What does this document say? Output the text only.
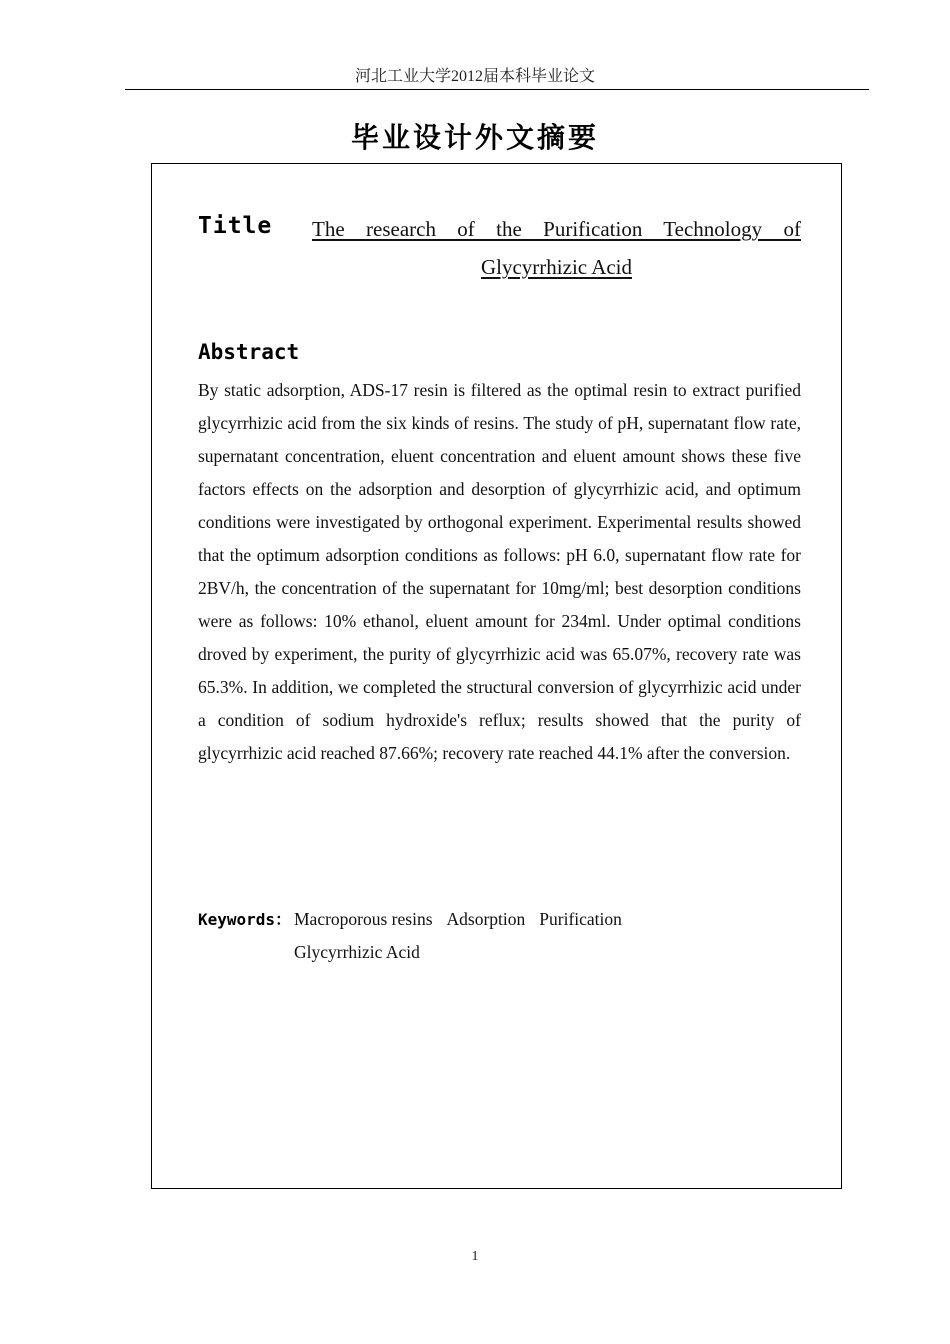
河北工业大学2012届本科毕业论文
毕业设计外文摘要
Title The research of the Purification Technology of Glycyrrhizic Acid
Abstract
By static adsorption, ADS-17 resin is filtered as the optimal resin to extract purified glycyrrhizic acid from the six kinds of resins. The study of pH, supernatant flow rate, supernatant concentration, eluent concentration and eluent amount shows these five factors effects on the adsorption and desorption of glycyrrhizic acid, and optimum conditions were investigated by orthogonal experiment. Experimental results showed that the optimum adsorption conditions as follows: pH 6.0, supernatant flow rate for 2BV/h, the concentration of the supernatant for 10mg/ml; best desorption conditions were as follows: 10% ethanol, eluent amount for 234ml. Under optimal conditions droved by experiment, the purity of glycyrrhizic acid was 65.07%, recovery rate was 65.3%. In addition, we completed the structural conversion of glycyrrhizic acid under a condition of sodium hydroxide's reflux; results showed that the purity of glycyrrhizic acid reached 87.66%; recovery rate reached 44.1% after the conversion.
Keywords： Macroporous resins Adsorption Purification
Glycyrrhizic Acid
1
